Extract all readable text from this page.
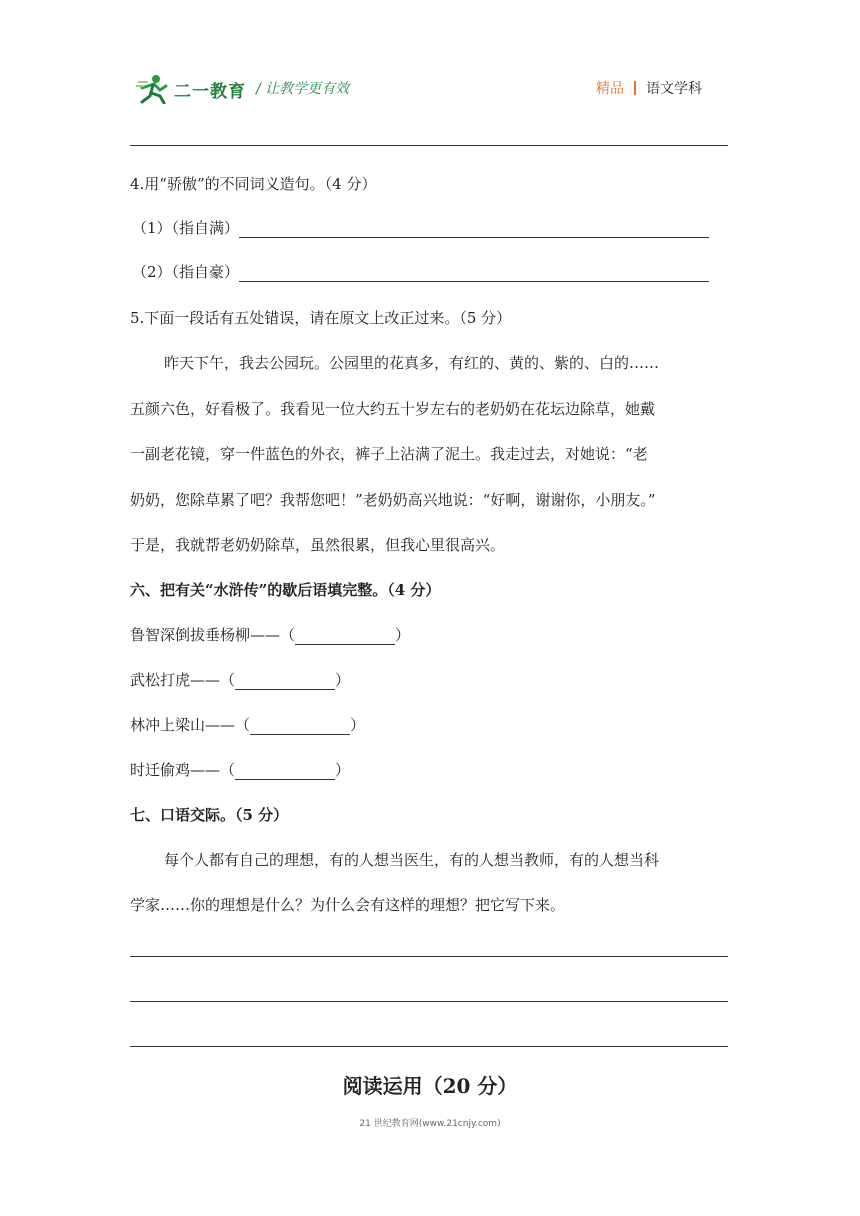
二一教育 / 让教学更有效	精品 语文学科
4.用“骄傲”的不同词义造句。（4 分）
（1）（指自满）
（2）（指自豪）
5.下面一段话有五处错误，请在原文上改正过来。（5 分）
昨天下午，我去公园玩。公园里的花真多，有红的、黄的、紫的、白的……
五颜六色，好看极了。我看见一位大约五十岁左右的老奶奶在花坛边除草，她戴
一副老花镜，穿一件蓝色的外衣，裤子上沾满了泥土。我走过去，对她说：“老
奶奶，您除草累了吧？我帮您吧！”老奶奶高兴地说：“好啊，谢谢你，小朋友。”
于是，我就帮老奶奶除草，虽然很累，但我心里很高兴。
六、把有关“水浒传”的歇后语填完整。（4 分）
鲁智深倒拔垂杨柳——（	）
武松打虎——（	）
林冲上梁山——（	）
时迁偷鸡——（	）
七、口语交际。（5 分）
每个人都有自己的理想，有的人想当医生，有的人想当教师，有的人想当科
学家……你的理想是什么？为什么会有这样的理想？把它写下来。
阅读运用（20 分）
21 世纪教育网(www.21cnjy.com)
